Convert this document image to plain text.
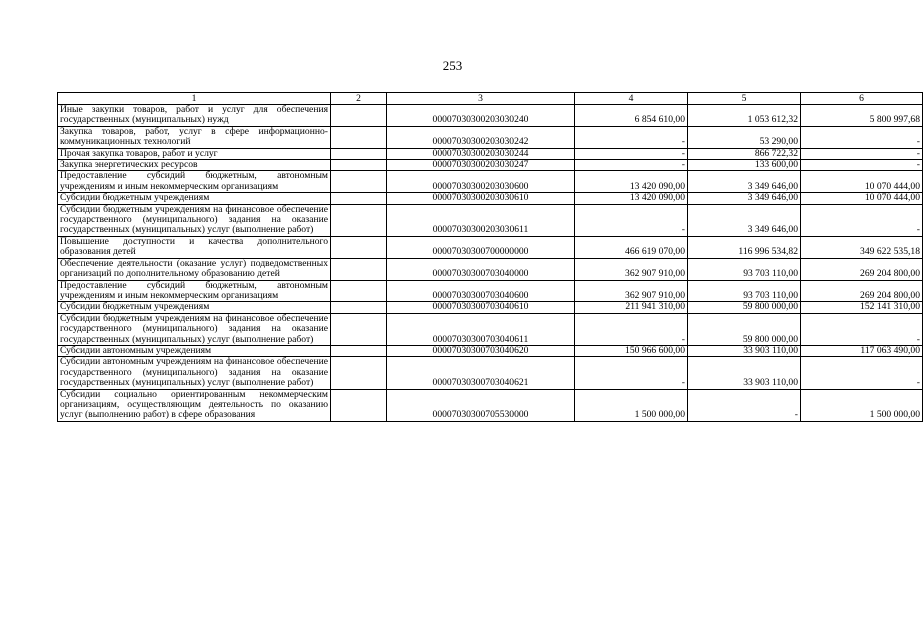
253
1	2	3	4	5	6
Иные закупки товаров, работ и услуг для обеспечения государственных (муниципальных) нужд		00007030300203030240	6 854 610,00	1 053 612,32	5 800 997,68
Закупка товаров, работ, услуг в сфере информационно-коммуникационных технологий		00007030300203030242	-	53 290,00	-
Прочая закупка товаров, работ и услуг		00007030300203030244	-	866 722,32	-
Закупка энергетических ресурсов		00007030300203030247	-	133 600,00	-
Предоставление субсидий бюджетным, автономным учреждениям и иным некоммерческим организациям		00007030300203030600	13 420 090,00	3 349 646,00	10 070 444,00
Субсидии бюджетным учреждениям		00007030300203030610	13 420 090,00	3 349 646,00	10 070 444,00
Субсидии бюджетным учреждениям на финансовое обеспечение государственного (муниципального) задания на оказание государственных (муниципальных) услуг (выполнение работ)		00007030300203030611	-	3 349 646,00	-
Повышение доступности и качества дополнительного образования детей		00007030300700000000	466 619 070,00	116 996 534,82	349 622 535,18
Обеспечение деятельности (оказание услуг) подведомственных организаций по дополнительному образованию детей		00007030300703040000	362 907 910,00	93 703 110,00	269 204 800,00
Предоставление субсидий бюджетным, автономным учреждениям и иным некоммерческим организациям		00007030300703040600	362 907 910,00	93 703 110,00	269 204 800,00
Субсидии бюджетным учреждениям		00007030300703040610	211 941 310,00	59 800 000,00	152 141 310,00
Субсидии бюджетным учреждениям на финансовое обеспечение государственного (муниципального) задания на оказание государственных (муниципальных) услуг (выполнение работ)		00007030300703040611	-	59 800 000,00	-
Субсидии автономным учреждениям		00007030300703040620	150 966 600,00	33 903 110,00	117 063 490,00
Субсидии автономным учреждениям на финансовое обеспечение государственного (муниципального) задания на оказание государственных (муниципальных) услуг (выполнение работ)		00007030300703040621	-	33 903 110,00	-
Субсидии социально ориентированным некоммерческим организациям, осуществляющим деятельность по оказанию услуг (выполнению работ) в сфере образования		00007030300705530000	1 500 000,00	-	1 500 000,00
